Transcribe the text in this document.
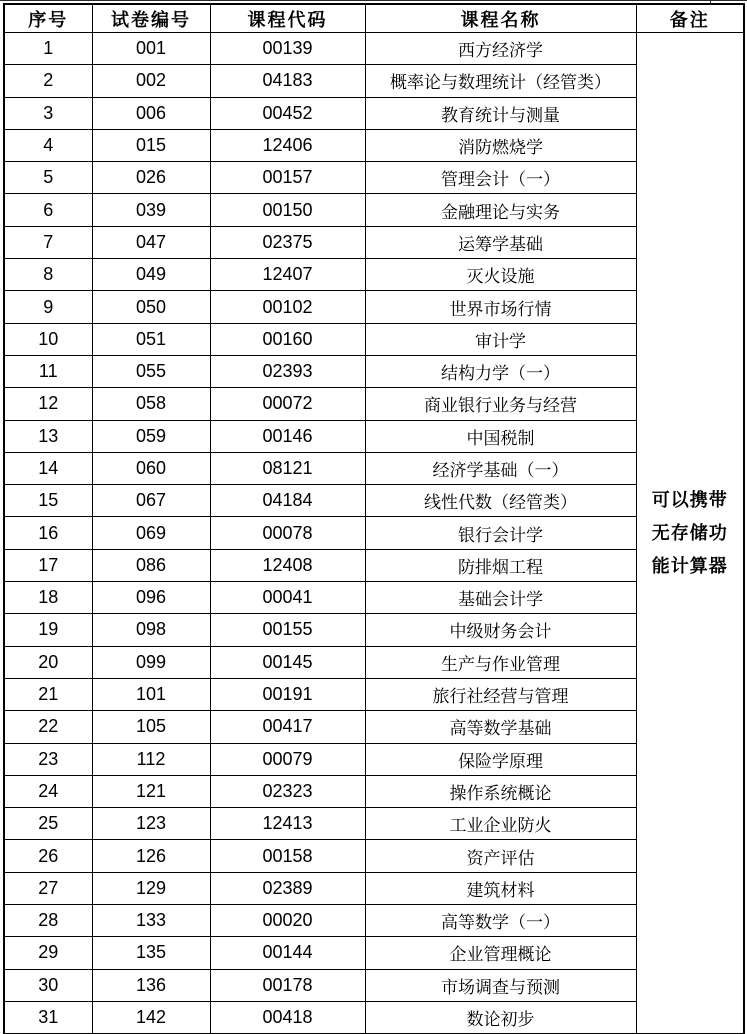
序号	试卷编号	课程代码	课程名称	备注
1	001	00139	西方经济学	可以携带
无存储功
能计算器

2	002	04183	概率论与数理统计（经管类）	
3	006	00452	教育统计与测量	
4	015	12406	消防燃烧学	
5	026	00157	管理会计（一）	
6	039	00150	金融理论与实务	
7	047	02375	运筹学基础	
8	049	12407	灭火设施	
9	050	00102	世界市场行情	
10	051	00160	审计学	
11	055	02393	结构力学（一）	
12	058	00072	商业银行业务与经营	
13	059	00146	中国税制	
14	060	08121	经济学基础（一）	
15	067	04184	线性代数（经管类）	
16	069	00078	银行会计学	
17	086	12408	防排烟工程	
18	096	00041	基础会计学	
19	098	00155	中级财务会计	
20	099	00145	生产与作业管理	
21	101	00191	旅行社经营与管理	
22	105	00417	高等数学基础	
23	112	00079	保险学原理	
24	121	02323	操作系统概论	
25	123	12413	工业企业防火	
26	126	00158	资产评估	
27	129	02389	建筑材料	
28	133	00020	高等数学（一）	
29	135	00144	企业管理概论	
30	136	00178	市场调查与预测	
31	142	00418	数论初步	
